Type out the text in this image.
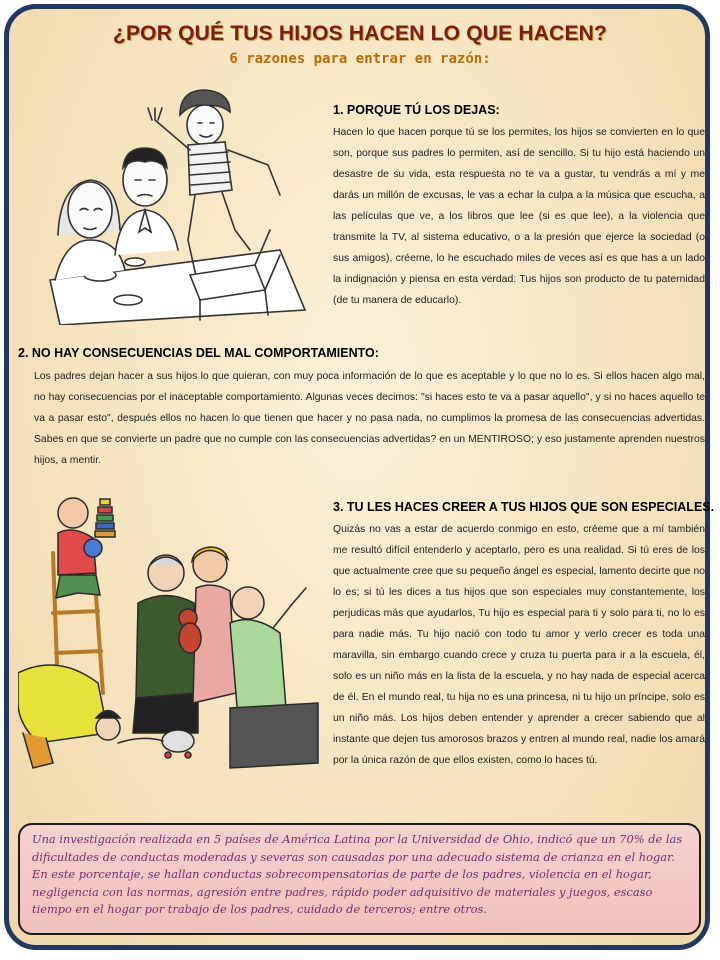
¿POR QUÉ TUS HIJOS HACEN LO QUE HACEN?
6 razones para entrar en razón:
1. PORQUE TÚ LOS DEJAS:
Hacen lo que hacen porque tú se los permites, los hijos se convierten en lo que son, porque sus padres lo permiten, así de sencillo. Si tu hijo está haciendo un desastre de su vida, esta respuesta no te va a gustar, tu vendrás a mí y me darás un millón de excusas, le vas a echar la culpa a la música que escucha, a las películas que ve, a los libros que lee (si es que lee), a la violencia que transmite la TV, al sistema educativo, o a la presión que ejerce la sociedad (o sus amigos), créeme, lo he escuchado miles de veces así es que has a un lado la indignación y piensa en esta verdad: Tus hijos son producto de tu paternidad (de tu manera de educarlo).
2. NO HAY CONSECUENCIAS DEL MAL COMPORTAMIENTO:
Los padres dejan hacer a sus hijos lo que quieran, con muy poca información de lo que es aceptable y lo que no lo es. Si ellos hacen algo mal, no hay consecuencias por el inaceptable comportamiento. Algunas veces decimos: "si haces esto te va a pasar aquello", y si no haces aquello te va a pasar esto", después ellos no hacen lo que tienen que hacer y no pasa nada, no cumplimos la promesa de las consecuencias advertidas. Sabes en que se convierte un padre que no cumple con las consecuencias advertidas? en un MENTIROSO; y eso justamente aprenden nuestros hijos, a mentir.
3. TU LES HACES CREER A TUS HIJOS QUE SON ESPECIALES.
Quizás no vas a estar de acuerdo conmigo en esto, créeme que a mí también me resultó difícil entenderlo y aceptarlo, pero es una realidad. Si tú eres de los que actualmente cree que su pequeño ángel es especial, lamento decirte que no lo es; si tú les dices a tus hijos que son especiales muy constantemente, los perjudicas más que ayudarlos, Tu hijo es especial para ti y solo para ti, no lo es para nadie más. Tu hijo nació con todo tu amor y verlo crecer es toda una maravilla, sin embargo cuando crece y cruza tu puerta para ir a la escuela, él, solo es un niño más en la lista de la escuela, y no hay nada de especial acerca de él. En el mundo real, tu hija no es una princesa, ni tu hijo un príncipe, solo es un niño más. Los hijos deben entender y aprender a crecer sabiendo que al instante que dejen tus amorosos brazos y entren al mundo real, nadie los amará por la única razón de que ellos existen, como lo haces tú.
Una investigación realizada en 5 países de América Latina por la Universidad de Ohio, indicó que un 70% de las dificultades de conductas moderadas y severas son causadas por una adecuado sistema de crianza en el hogar. En este porcentaje, se hallan conductas sobrecompensatorias de parte de los padres, violencia en el hogar, negligencia con las normas, agresión entre padres, rápido poder adquisitivo de materiales y juegos, escaso tiempo en el hogar por trabajo de los padres, cuidado de terceros; entre otros.
